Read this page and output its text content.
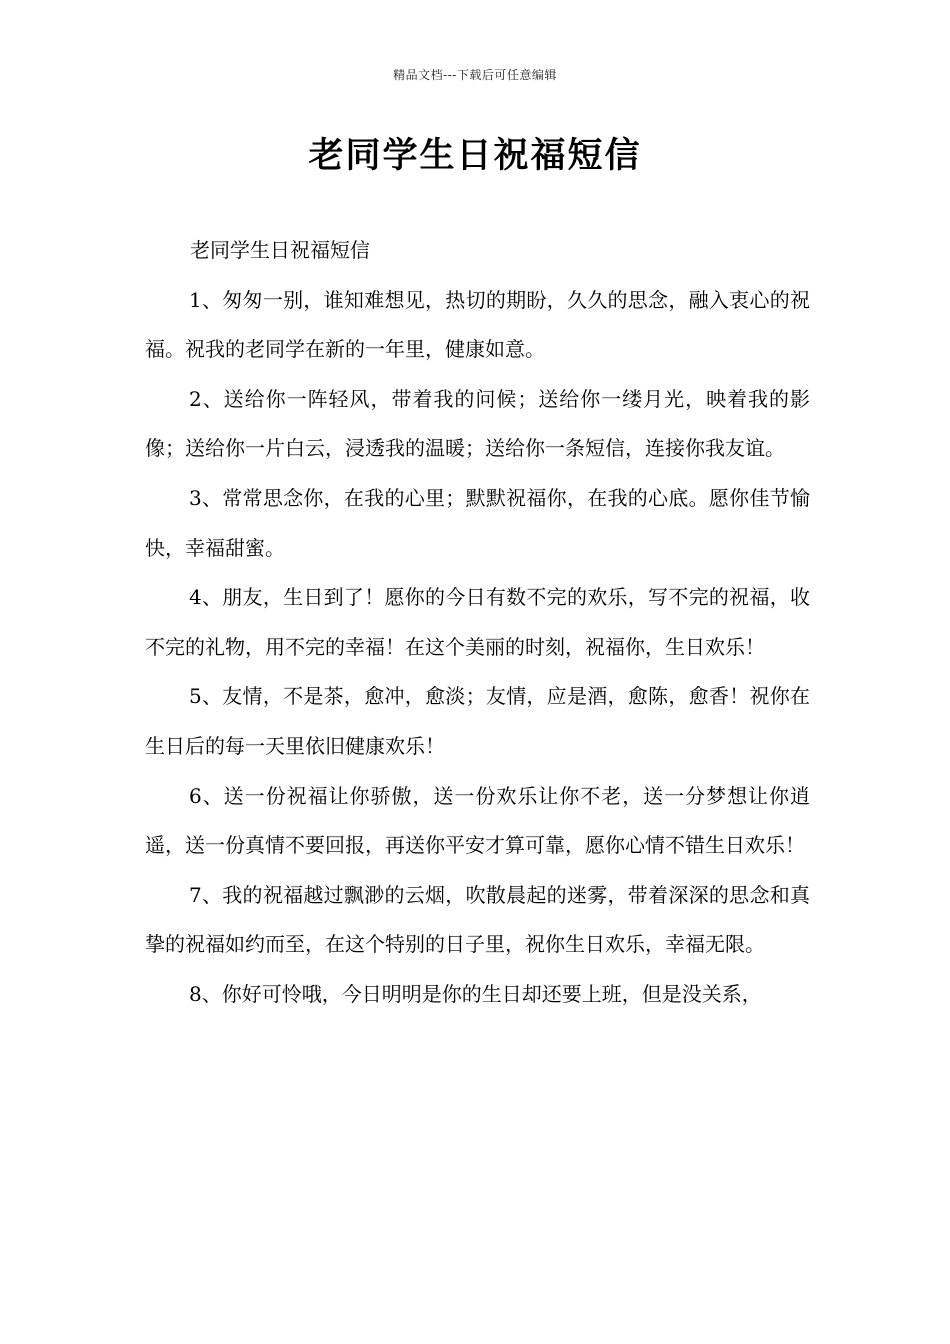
精品文档---下载后可任意编辑
老同学生日祝福短信

老同学生日祝福短信

1、匆匆一别，谁知难想见，热切的期盼，久久的思念，融入衷心的祝福。祝我的老同学在新的一年里，健康如意。

2、送给你一阵轻风，带着我的问候；送给你一缕月光，映着我的影像；送给你一片白云，浸透我的温暖；送给你一条短信，连接你我友谊。

3、常常思念你，在我的心里；默默祝福你，在我的心底。愿你佳节愉快，幸福甜蜜。

4、朋友，生日到了！愿你的今日有数不完的欢乐，写不完的祝福，收不完的礼物，用不完的幸福！在这个美丽的时刻，祝福你，生日欢乐！

5、友情，不是茶，愈冲，愈淡；友情，应是酒，愈陈，愈香！祝你在生日后的每一天里依旧健康欢乐！

6、送一份祝福让你骄傲，送一份欢乐让你不老，送一分梦想让你逍遥，送一份真情不要回报，再送你平安才算可靠，愿你心情不错生日欢乐！

7、我的祝福越过飘渺的云烟，吹散晨起的迷雾，带着深深的思念和真挚的祝福如约而至，在这个特别的日子里，祝你生日欢乐，幸福无限。

8、你好可怜哦，今日明明是你的生日却还要上班，但是没关系，
